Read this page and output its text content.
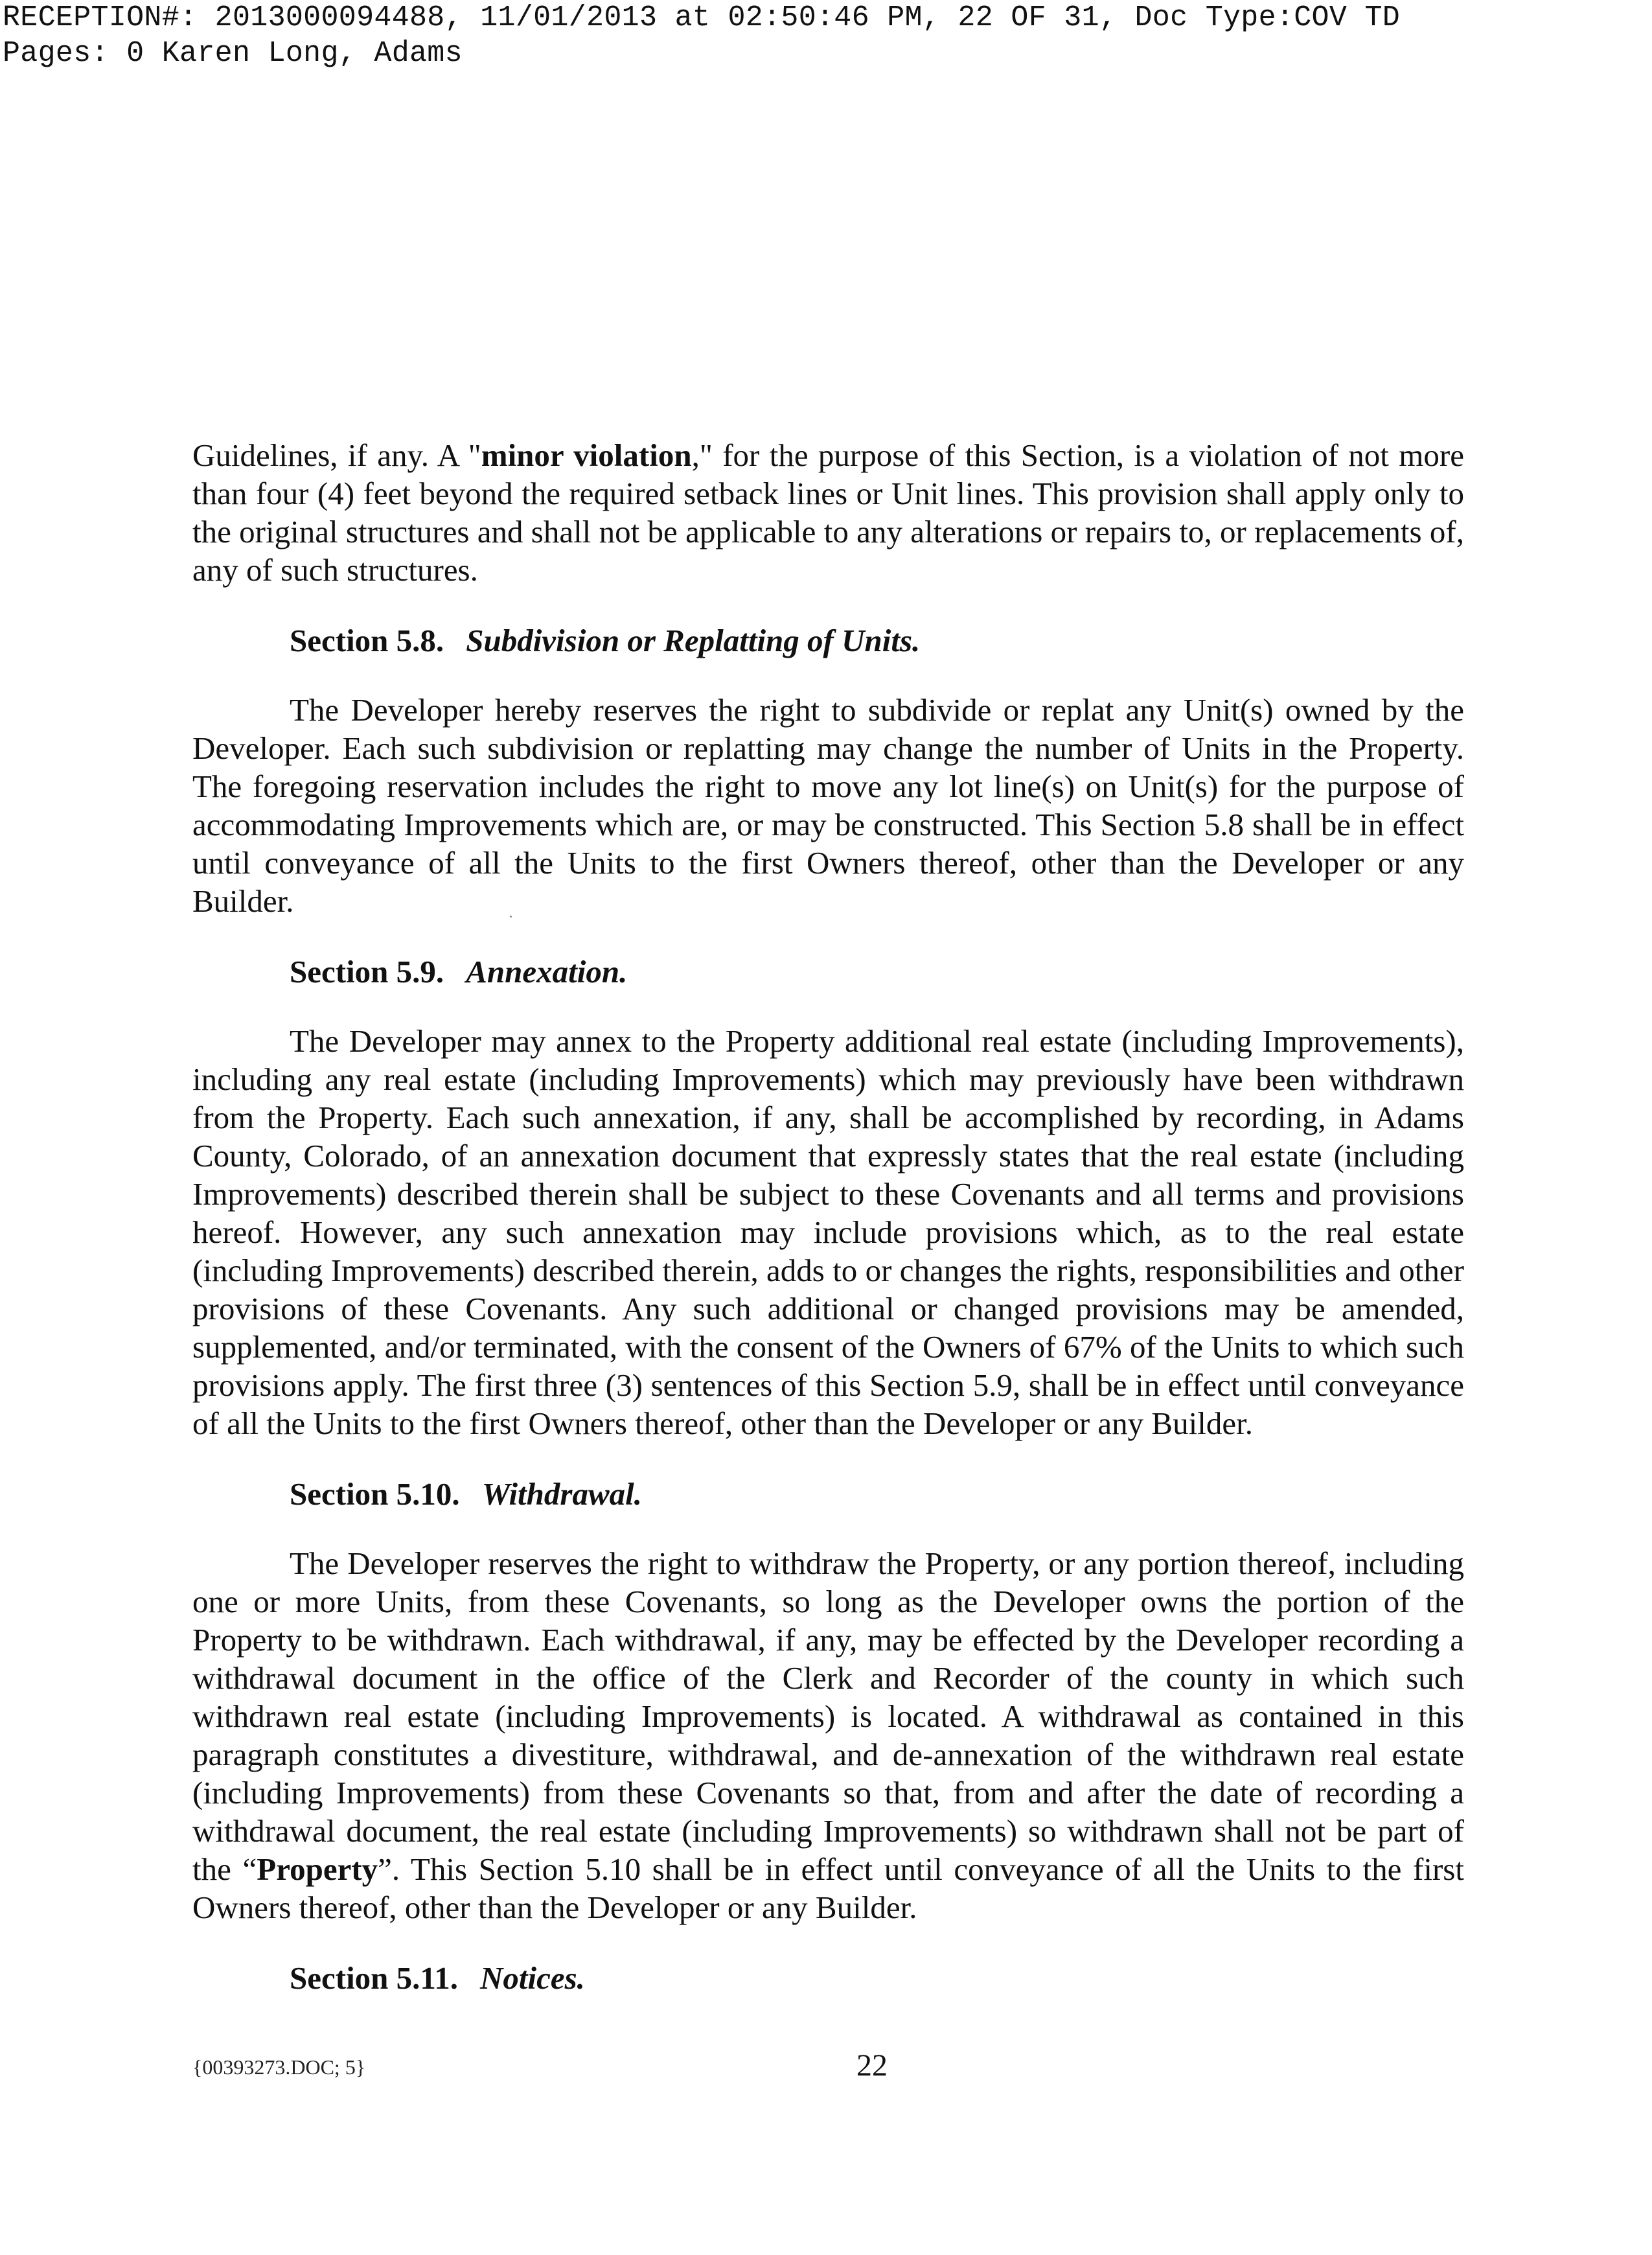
RECEPTION#: 2013000094488, 11/01/2013 at 02:50:46 PM, 22 OF 31, Doc Type:COV TD
Pages: 0 Karen Long, Adams

Guidelines, if any. A "minor violation," for the purpose of this Section, is a violation of not more than four (4) feet beyond the required setback lines or Unit lines. This provision shall apply only to the original structures and shall not be applicable to any alterations or repairs to, or replacements of, any of such structures.

Section 5.8. Subdivision or Replatting of Units.

The Developer hereby reserves the right to subdivide or replat any Unit(s) owned by the Developer. Each such subdivision or replatting may change the number of Units in the Property. The foregoing reservation includes the right to move any lot line(s) on Unit(s) for the purpose of accommodating Improvements which are, or may be constructed. This Section 5.8 shall be in effect until conveyance of all the Units to the first Owners thereof, other than the Developer or any Builder.

Section 5.9. Annexation.

The Developer may annex to the Property additional real estate (including Improvements), including any real estate (including Improvements) which may previously have been withdrawn from the Property. Each such annexation, if any, shall be accomplished by recording, in Adams County, Colorado, of an annexation document that expressly states that the real estate (including Improvements) described therein shall be subject to these Covenants and all terms and provisions hereof. However, any such annexation may include provisions which, as to the real estate (including Improvements) described therein, adds to or changes the rights, responsibilities and other provisions of these Covenants. Any such additional or changed provisions may be amended, supplemented, and/or terminated, with the consent of the Owners of 67% of the Units to which such provisions apply. The first three (3) sentences of this Section 5.9, shall be in effect until conveyance of all the Units to the first Owners thereof, other than the Developer or any Builder.

Section 5.10. Withdrawal.

The Developer reserves the right to withdraw the Property, or any portion thereof, including one or more Units, from these Covenants, so long as the Developer owns the portion of the Property to be withdrawn. Each withdrawal, if any, may be effected by the Developer recording a withdrawal document in the office of the Clerk and Recorder of the county in which such withdrawn real estate (including Improvements) is located. A withdrawal as contained in this paragraph constitutes a divestiture, withdrawal, and de-annexation of the withdrawn real estate (including Improvements) from these Covenants so that, from and after the date of recording a withdrawal document, the real estate (including Improvements) so withdrawn shall not be part of the “Property”. This Section 5.10 shall be in effect until conveyance of all the Units to the first Owners thereof, other than the Developer or any Builder.

Section 5.11. Notices.

{00393273.DOC; 5}	22
